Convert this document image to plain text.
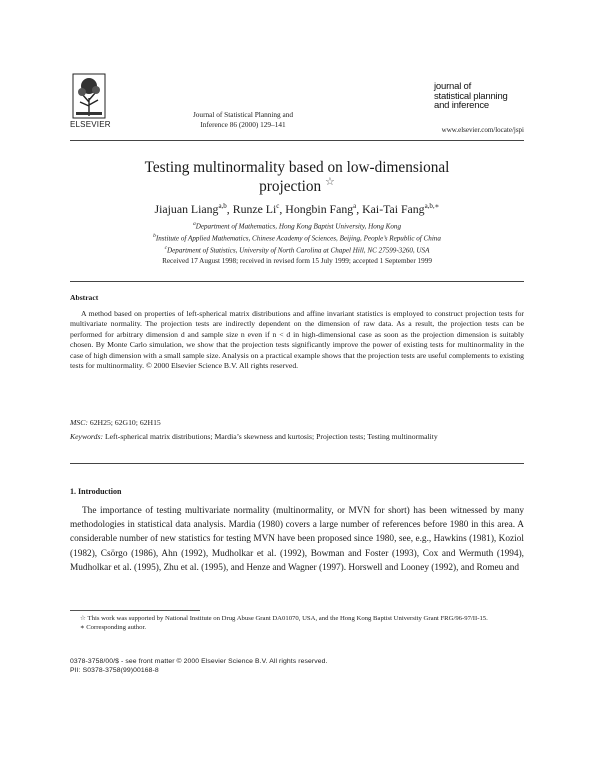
ELSEVIER
Journal of Statistical Planning and
Inference 86 (2000) 129–141
journal of
statistical planning
and inference
www.elsevier.com/locate/jspi
Testing multinormality based on low-dimensional
projection ☆
Jiajuan Liang$^{a,b}$, Runze Li$^c$, Hongbin Fang$^a$, Kai-Tai Fang$^{a,b,∗}$
$^a$Department of Mathematics, Hong Kong Baptist University, Hong Kong
$^b$Institute of Applied Mathematics, Chinese Academy of Sciences, Beijing, People’s Republic of China
$^c$Department of Statistics, University of North Carolina at Chapel Hill, NC 27599-3260, USA
Received 17 August 1998; received in revised form 15 July 1999; accepted 1 September 1999
Abstract
A method based on properties of left-spherical matrix distributions and affine invariant statistics is employed to construct projection tests for multivariate normality. The projection tests are indirectly dependent on the dimension of raw data. As a result, the projection tests can be performed for arbitrary dimension d and sample size n even if n < d in high-dimensional case as soon as the projection dimension is suitably chosen. By Monte Carlo simulation, we show that the projection tests significantly improve the power of existing tests for multinormality in the case of high dimension with a small sample size. Analysis on a practical example shows that the projection tests are useful complements to existing tests for multinormality. © 2000 Elsevier Science B.V. All rights reserved.
MSC: 62H25; 62G10; 62H15
Keywords: Left-spherical matrix distributions; Mardia’s skewness and kurtosis; Projection tests; Testing multinormality
1. Introduction
The importance of testing multivariate normality (multinormality, or MVN for short) has been witnessed by many methodologies in statistical data analysis. Mardia (1980) covers a large number of references before 1980 in this area. A considerable number of new statistics for testing MVN have been proposed since 1980, see, e.g., Hawkins (1981), Koziol (1982), Csörgo (1986), Ahn (1992), Mudholkar et al. (1992), Bowman and Foster (1993), Cox and Wermuth (1994), Mudholkar et al. (1995), Zhu et al. (1995), and Henze and Wagner (1997). Horswell and Looney (1992), and Romeu and
☆ This work was supported by National Institute on Drug Abuse Grant DA01070, USA, and the Hong Kong Baptist University Grant FRG/96-97/II-15.
∗ Corresponding author.
0378-3758/00/$ - see front matter © 2000 Elsevier Science B.V. All rights reserved.
PII: S0378-3758(99)00168-8
